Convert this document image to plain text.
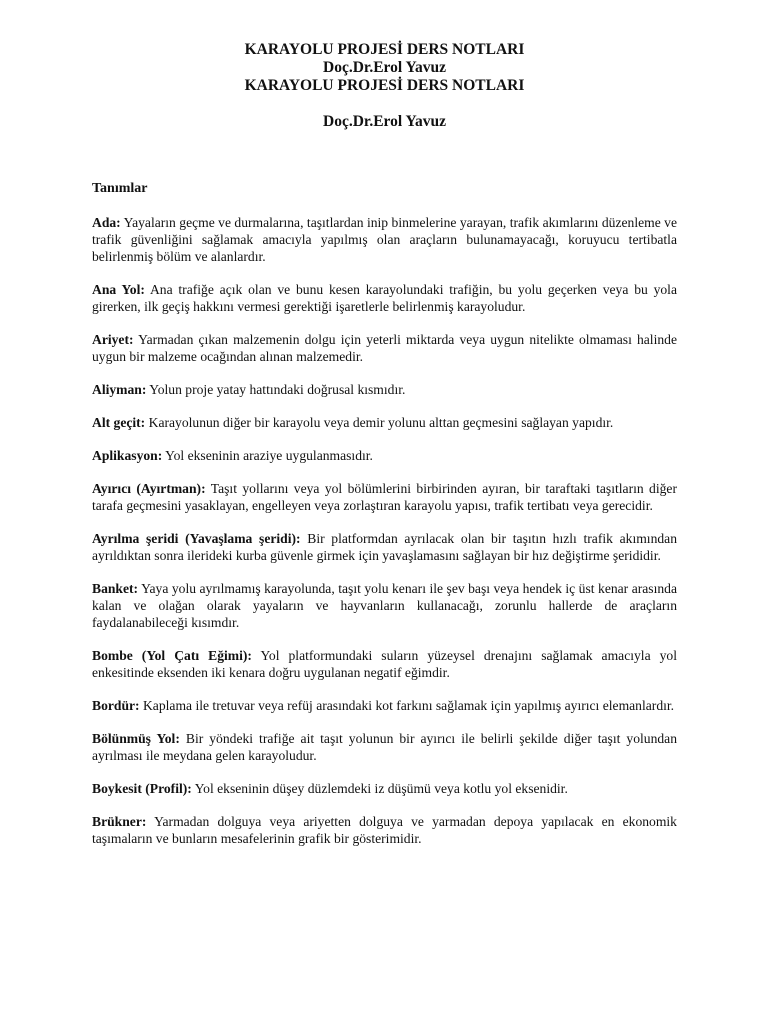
KARAYOLU PROJESİ DERS NOTLARI

Doç.Dr.Erol Yavuz

KARAYOLU PROJESİ DERS NOTLARI

Doç.Dr.Erol Yavuz

Tanımlar

Ada: Yayaların geçme ve durmalarına, taşıtlardan inip binmelerine yarayan, trafik akımlarını düzenleme ve trafik güvenliğini sağlamak amacıyla yapılmış olan araçların bulunamayacağı, koruyucu tertibatla belirlenmiş bölüm ve alanlardır.

Ana Yol: Ana trafiğe açık olan ve bunu kesen karayolundaki trafiğin, bu yolu geçerken veya bu yola girerken, ilk geçiş hakkını vermesi gerektiği işaretlerle belirlenmiş karayoludur.

Ariyet: Yarmadan çıkan malzemenin dolgu için yeterli miktarda veya uygun nitelikte olmaması halinde uygun bir malzeme ocağından alınan malzemedir.

Aliyman: Yolun proje yatay hattındaki doğrusal kısmıdır.

Alt geçit: Karayolunun diğer bir karayolu veya demir yolunu alttan geçmesini sağlayan yapıdır.

Aplikasyon: Yol ekseninin araziye uygulanmasıdır.

Ayırıcı (Ayırtman): Taşıt yollarını veya yol bölümlerini birbirinden ayıran, bir taraftaki taşıtların diğer tarafa geçmesini yasaklayan, engelleyen veya zorlaştıran karayolu yapısı, trafik tertibatı veya gerecidir.

Ayrılma şeridi (Yavaşlama şeridi): Bir platformdan ayrılacak olan bir taşıtın hızlı trafik akımından ayrıldıktan sonra ilerideki kurba güvenle girmek için yavaşlamasını sağlayan bir hız değiştirme şerididir.

Banket: Yaya yolu ayrılmamış karayolunda, taşıt yolu kenarı ile şev başı veya hendek iç üst kenar arasında kalan ve olağan olarak yayaların ve hayvanların kullanacağı, zorunlu hallerde de araçların faydalanabileceği kısımdır.

Bombe (Yol Çatı Eğimi): Yol platformundaki suların yüzeysel drenajını sağlamak amacıyla yol enkesitinde eksenden iki kenara doğru uygulanan negatif eğimdir.

Bordür: Kaplama ile tretuvar veya refüj arasındaki kot farkını sağlamak için yapılmış ayırıcı elemanlardır.

Bölünmüş Yol: Bir yöndeki trafiğe ait taşıt yolunun bir ayırıcı ile belirli şekilde diğer taşıt yolundan ayrılması ile meydana gelen karayoludur.

Boykesit (Profil): Yol ekseninin düşey düzlemdeki iz düşümü veya kotlu yol eksenidir.

Brükner: Yarmadan dolguya veya ariyetten dolguya ve yarmadan depoya yapılacak en ekonomik taşımaların ve bunların mesafelerinin grafik bir gösterimidir.
